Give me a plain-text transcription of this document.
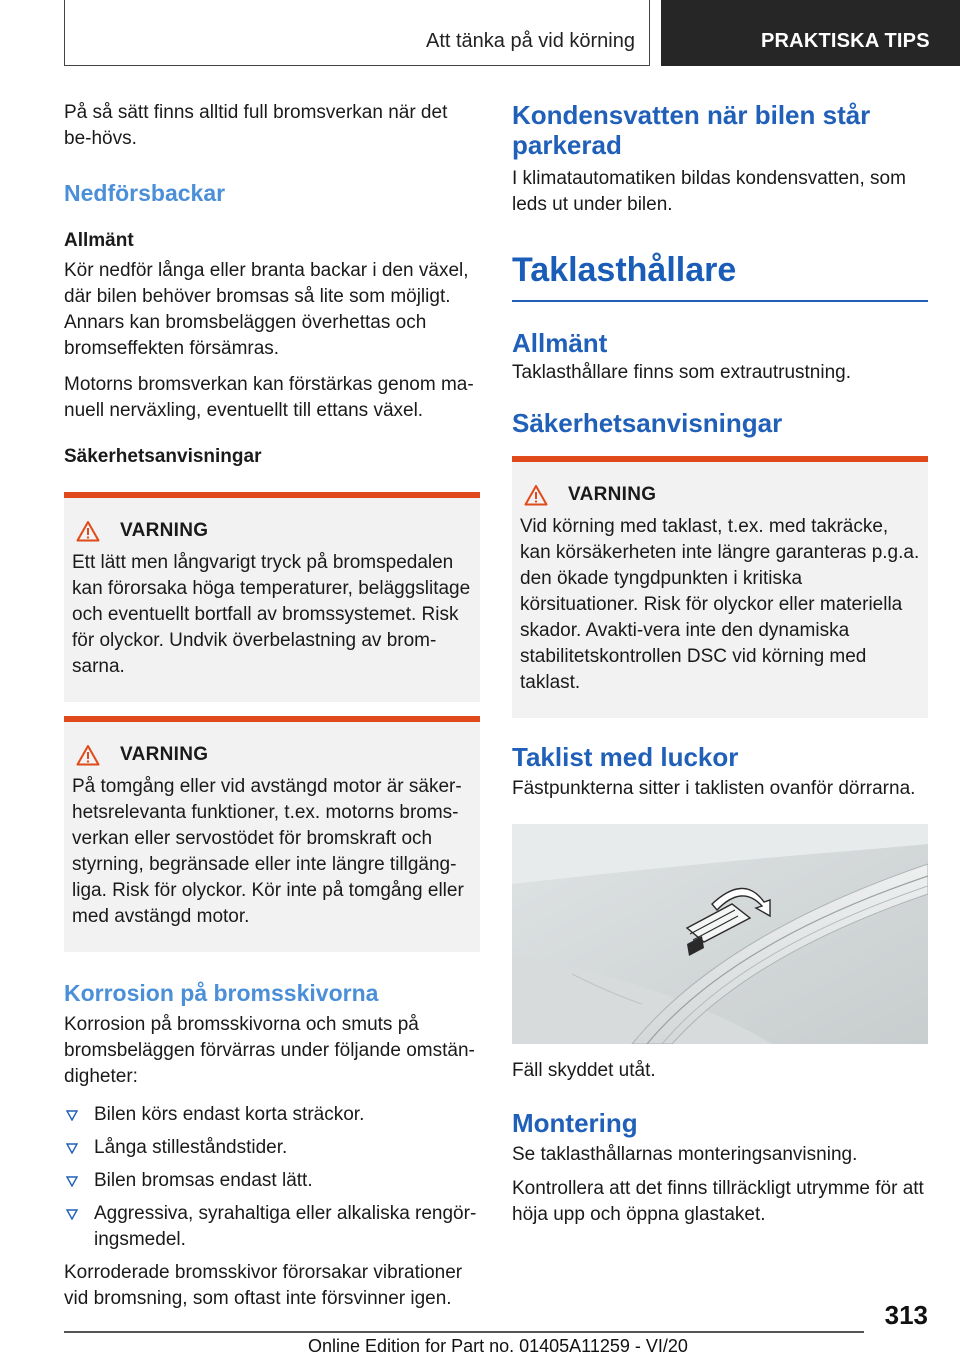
Att tänka på vid körning	PRAKTISKA TIPS

På så sätt finns alltid full bromsverkan när det be-hövs.

Nedförsbackar
Allmänt

Kör nedför långa eller branta backar i den växel, där bilen behöver bromsas så lite som möjligt. Annars kan bromsbeläggen överhettas och bromseffekten försämras.

Motorns bromsverkan kan förstärkas genom ma-nuell nerväxling, eventuellt till ettans växel.

Säkerhetsanvisningar
VARNING

Ett lätt men långvarigt tryck på bromspedalen kan förorsaka höga temperaturer, beläggslitage och eventuellt bortfall av bromssystemet. Risk för olyckor. Undvik överbelastning av brom-sarna.

VARNING

På tomgång eller vid avstängd motor är säker-hetsrelevanta funktioner, t.ex. motorns broms-verkan eller servostödet för bromskraft och styrning, begränsade eller inte längre tillgäng-liga. Risk för olyckor. Kör inte på tomgång eller med avstängd motor.

Korrosion på bromsskivorna

Korrosion på bromsskivorna och smuts på bromsbeläggen förvärras under följande omstän-digheter:

Bilen körs endast korta sträckor.
Långa stilleståndstider.
Bilen bromsas endast lätt.
Aggressiva, syrahaltiga eller alkaliska rengör-ingsmedel.

Korroderade bromsskivor förorsakar vibrationer vid bromsning, som oftast inte försvinner igen.

Kondensvatten när bilen står parkerad

I klimatautomatiken bildas kondensvatten, som leds ut under bilen.

Taklasthållare
Allmänt

Taklasthållare finns som extrautrustning.

Säkerhetsanvisningar
VARNING

Vid körning med taklast, t.ex. med takräcke, kan körsäkerheten inte längre garanteras p.g.a. den ökade tyngdpunkten i kritiska körsituationer. Risk för olyckor eller materiella skador. Avakti-vera inte den dynamiska stabilitetskontrollen DSC vid körning med taklast.

Taklist med luckor

Fästpunkterna sitter i taklisten ovanför dörrarna.

Fäll skyddet utåt.

Montering

Se taklasthållarnas monteringsanvisning.

Kontrollera att det finns tillräckligt utrymme för att höja upp och öppna glastaket.

313
Online Edition for Part no. 01405A11259 - VI/20
